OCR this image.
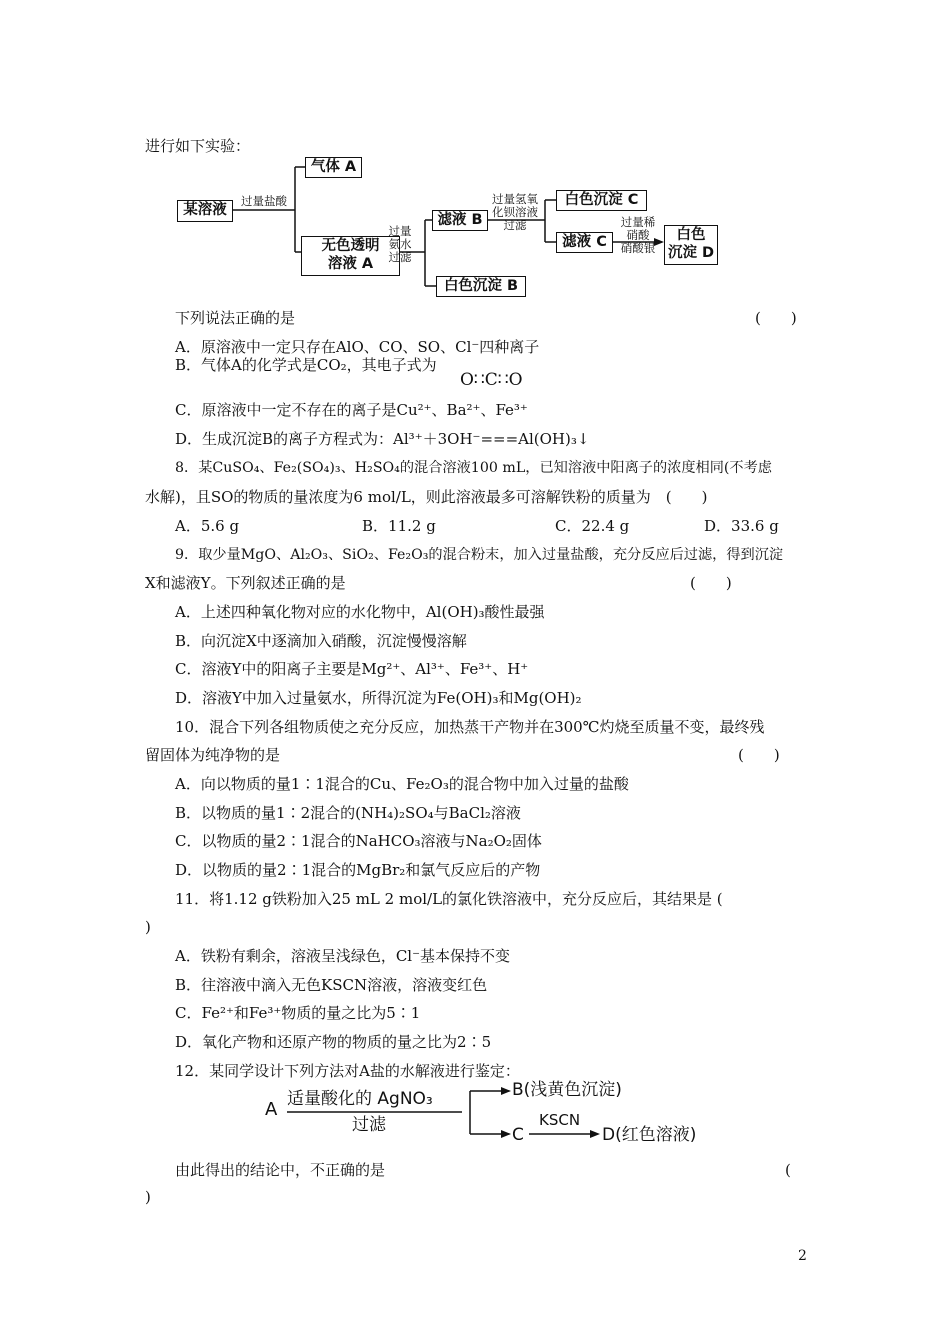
进行如下实验：
某溶液
过量盐酸
气体 A
无色透明
溶液 A
过量
氨水
过滤
滤液 B
白色沉淀 B
过量氢氧
化钡溶液
过滤
白色沉淀 C
滤液 C
过量稀
硝酸
硝酸银
白色
沉淀 D
下列说法正确的是	(　　)
A．原溶液中一定只存在AlO、CO、SO、Cl⁻四种离子
B．气体A的化学式是CO₂，其电子式为
O∷C∷O
C．原溶液中一定不存在的离子是Cu²⁺、Ba²⁺、Fe³⁺
D．生成沉淀B的离子方程式为：Al³⁺＋3OH⁻===Al(OH)₃↓
8．某CuSO₄、Fe₂(SO₄)₃、H₂SO₄的混合溶液100 mL，已知溶液中阳离子的浓度相同(不考虑
水解)，且SO的物质的量浓度为6 mol/L，则此溶液最多可溶解铁粉的质量为　(　　)
A．5.6 g	B．11.2 g	C．22.4 g	D．33.6 g
9．取少量MgO、Al₂O₃、SiO₂、Fe₂O₃的混合粉末，加入过量盐酸，充分反应后过滤，得到沉淀
X和滤液Y。下列叙述正确的是	(　　)
A．上述四种氧化物对应的水化物中，Al(OH)₃酸性最强
B．向沉淀X中逐滴加入硝酸，沉淀慢慢溶解
C．溶液Y中的阳离子主要是Mg²⁺、Al³⁺、Fe³⁺、H⁺
D．溶液Y中加入过量氨水，所得沉淀为Fe(OH)₃和Mg(OH)₂
10．混合下列各组物质使之充分反应，加热蒸干产物并在300℃灼烧至质量不变，最终残
留固体为纯净物的是	(　　)
A．向以物质的量1∶1混合的Cu、Fe₂O₃的混合物中加入过量的盐酸
B．以物质的量1∶2混合的(NH₄)₂SO₄与BaCl₂溶液
C．以物质的量2∶1混合的NaHCO₃溶液与Na₂O₂固体
D．以物质的量2∶1混合的MgBr₂和氯气反应后的产物
11．将1.12 g铁粉加入25 mL 2 mol/L的氯化铁溶液中，充分反应后，其结果是 (
)
A．铁粉有剩余，溶液呈浅绿色，Cl⁻基本保持不变
B．往溶液中滴入无色KSCN溶液，溶液变红色
C．Fe²⁺和Fe³⁺物质的量之比为5∶1
D．氧化产物和还原产物的物质的量之比为2∶5
12．某同学设计下列方法对A盐的水解液进行鉴定：
A 适量酸化的 AgNO₃
过滤
B(浅黄色沉淀)
C
KSCN
D(红色溶液)
由此得出的结论中，不正确的是	(
)
2
